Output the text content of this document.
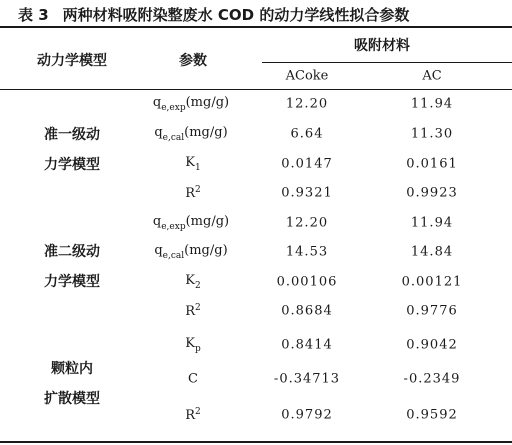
表 3 两种材料吸附染整废水 COD 的动力学线性拟合参数
动力学模型	参数
吸附材料
ACoke	AC
准一级动
力学模型
$q_{e,exp}(mg/g)$	12.20	11.94
$q_{e,cal}(mg/g)$	6.64	11.30
$K_1$	0.0147	0.0161
$R^2$	0.9321	0.9923
准二级动
力学模型
$q_{e,exp}(mg/g)$	12.20	11.94
$q_{e,cal}(mg/g)$	14.53	14.84
$K_2$	0.00106	0.00121
$R^2$	0.8684	0.9776
颗粒内
扩散模型
$K_p$	0.8414	0.9042
C	-0.34713	-0.2349
$R^2$	0.9792	0.9592
